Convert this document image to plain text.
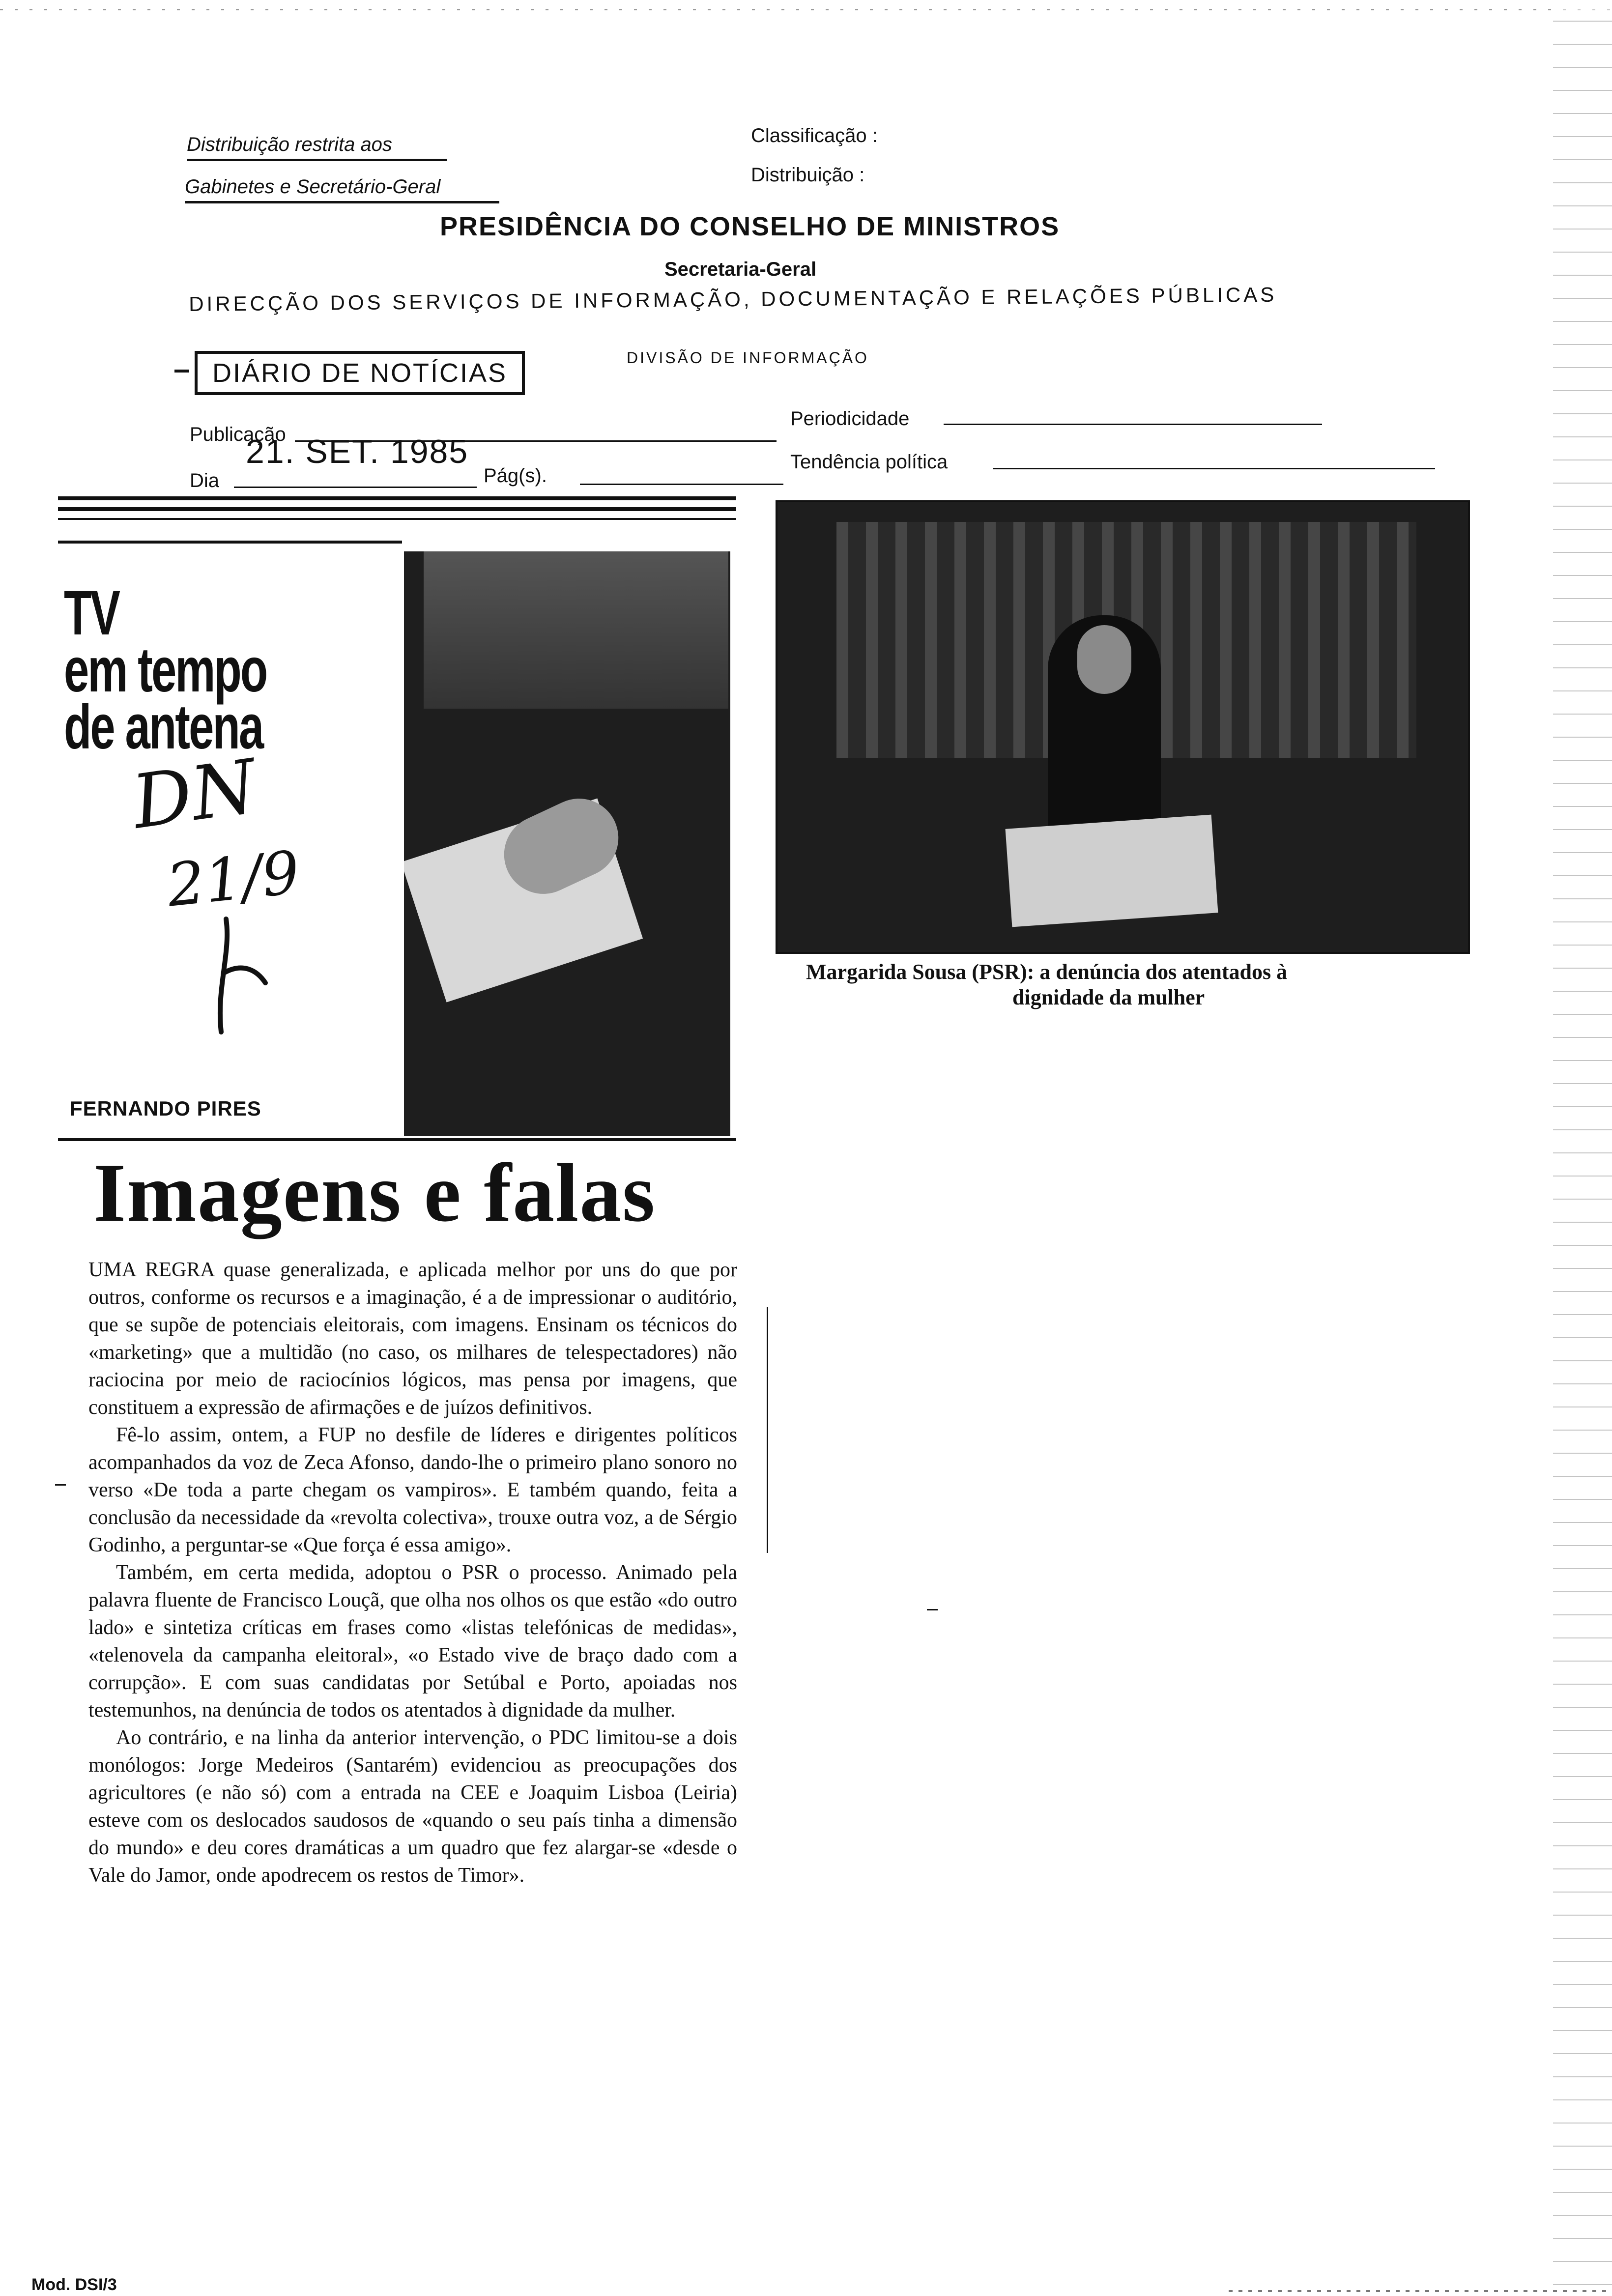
Distribuição restrita aos
Gabinetes e Secretário-Geral
Classificação :
Distribuição :
PRESIDÊNCIA DO CONSELHO DE MINISTROS
Secretaria-Geral
DIRECÇÃO DOS SERVIÇOS DE INFORMAÇÃO, DOCUMENTAÇÃO E RELAÇÕES PÚBLICAS
DIÁRIO DE NOTÍCIAS
DIVISÃO DE INFORMAÇÃO
Publicação
Dia
21. SET. 1985
Pág(s).
Periodicidade
Tendência política
TV
em tempo
de antena
DN
21/9
FERNANDO PIRES
Margarida Sousa (PSR): a denúncia dos atentados à
dignidade da mulher
Imagens e falas

UMA REGRA quase generalizada, e aplicada melhor por uns do que por outros, conforme os recursos e a imaginação, é a de impressionar o auditório, que se supõe de potenciais eleitorais, com imagens. Ensinam os técnicos do «marketing» que a multidão (no caso, os milhares de telespectadores) não raciocina por meio de raciocínios lógicos, mas pensa por imagens, que constituem a expressão de afirmações e de juízos definitivos.

Fê-lo assim, ontem, a FUP no desfile de líderes e dirigentes políticos acompanhados da voz de Zeca Afonso, dando-lhe o primeiro plano sonoro no verso «De toda a parte chegam os vampiros». E também quando, feita a conclusão da necessidade da «revolta colectiva», trouxe outra voz, a de Sérgio Godinho, a perguntar-se «Que força é essa amigo».

Também, em certa medida, adoptou o PSR o processo. Animado pela palavra fluente de Francisco Louçã, que olha nos olhos os que estão «do outro lado» e sintetiza críticas em frases como «listas telefónicas de medidas», «telenovela da campanha eleitoral», «o Estado vive de braço dado com a corrupção». E com suas candidatas por Setúbal e Porto, apoiadas nos testemunhos, na denúncia de todos os atentados à dignidade da mulher.

Ao contrário, e na linha da anterior intervenção, o PDC limitou-se a dois monólogos: Jorge Medeiros (Santarém) evidenciou as preocupações dos agricultores (e não só) com a entrada na CEE e Joaquim Lisboa (Leiria) esteve com os deslocados saudosos de «quando o seu país tinha a dimensão do mundo» e deu cores dramáticas a um quadro que fez alargar-se «desde o Vale do Jamor, onde apodrecem os restos de Timor».

Mod. DSI/3
